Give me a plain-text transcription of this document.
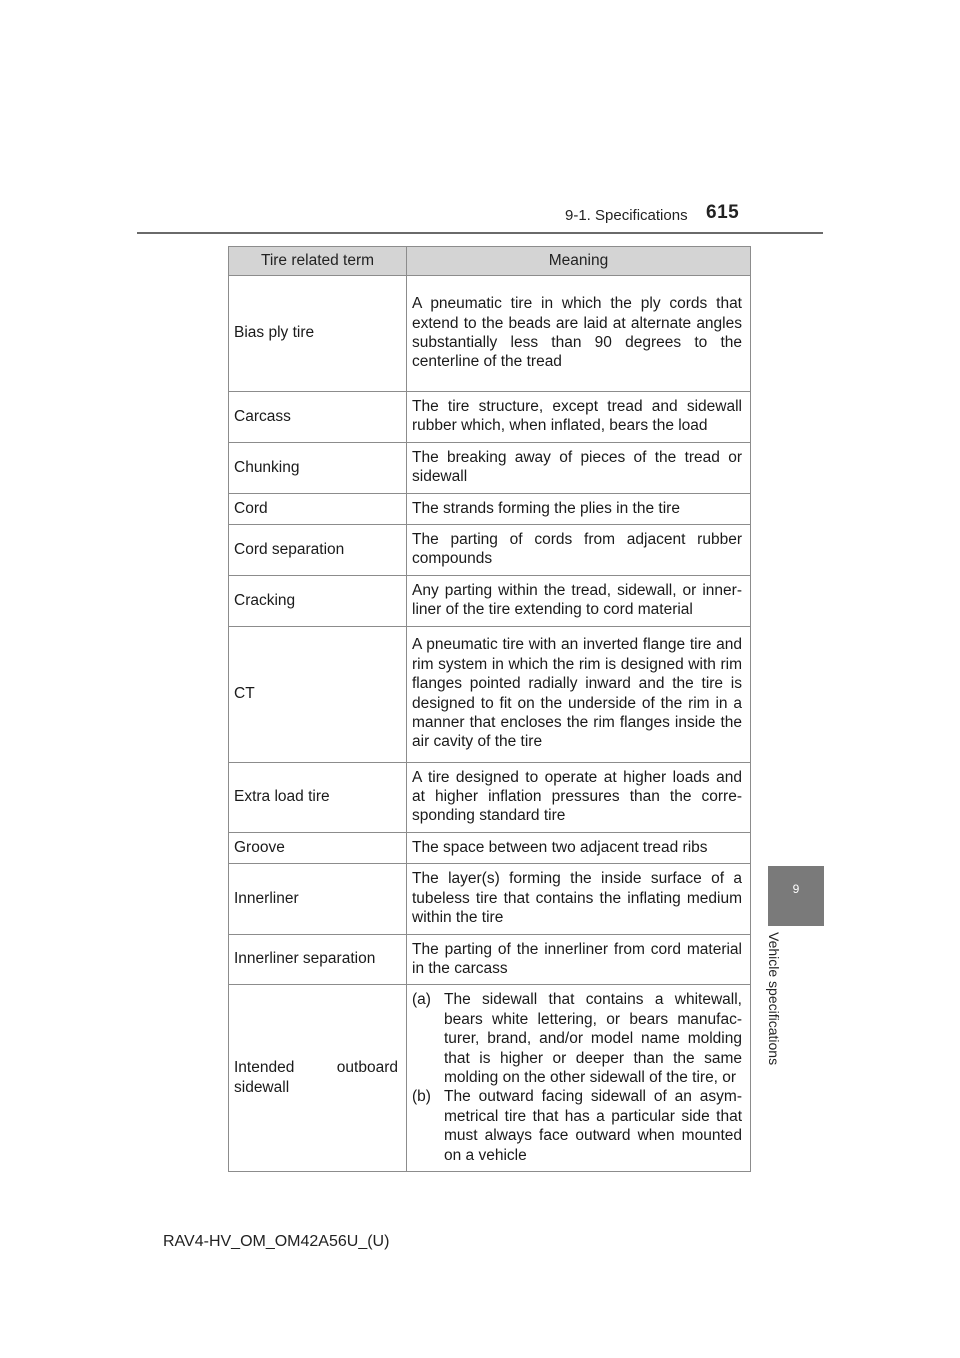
9-1. Specifications 615
9
Vehicle specifications
Tire related term	Meaning
Bias ply tire	A pneumatic tire in which the ply cords that extend to the beads are laid at alternate angles substantially less than 90 degrees to the centerline of the tread
Carcass	The tire structure, except tread and sidewall rubber which, when inflated, bears the load
Chunking	The breaking away of pieces of the tread or sidewall
Cord	The strands forming the plies in the tire
Cord separation	The parting of cords from adjacent rubber compounds
Cracking	Any parting within the tread, sidewall, or inner-liner of the tire extending to cord material
CT	A pneumatic tire with an inverted flange tire and rim system in which the rim is designed with rim flanges pointed radially inward and the tire is designed to fit on the underside of the rim in a manner that encloses the rim flanges inside the air cavity of the tire
Extra load tire	A tire designed to operate at higher loads and at higher inflation pressures than the corre-sponding standard tire
Groove	The space between two adjacent tread ribs
Innerliner	The layer(s) forming the inside surface of a tubeless tire that contains the inflating medium within the tire
Innerliner separation	The parting of the innerliner from cord material in the carcass
Intended outboard sidewall	(a) The sidewall that contains a whitewall, bears white lettering, or bears manufac-turer, brand, and/or model name molding that is higher or deeper than the same molding on the other sidewall of the tire, or
(b) The outward facing sidewall of an asym-metrical tire that has a particular side that must always face outward when mounted on a vehicle
RAV4-HV_OM_OM42A56U_(U)
